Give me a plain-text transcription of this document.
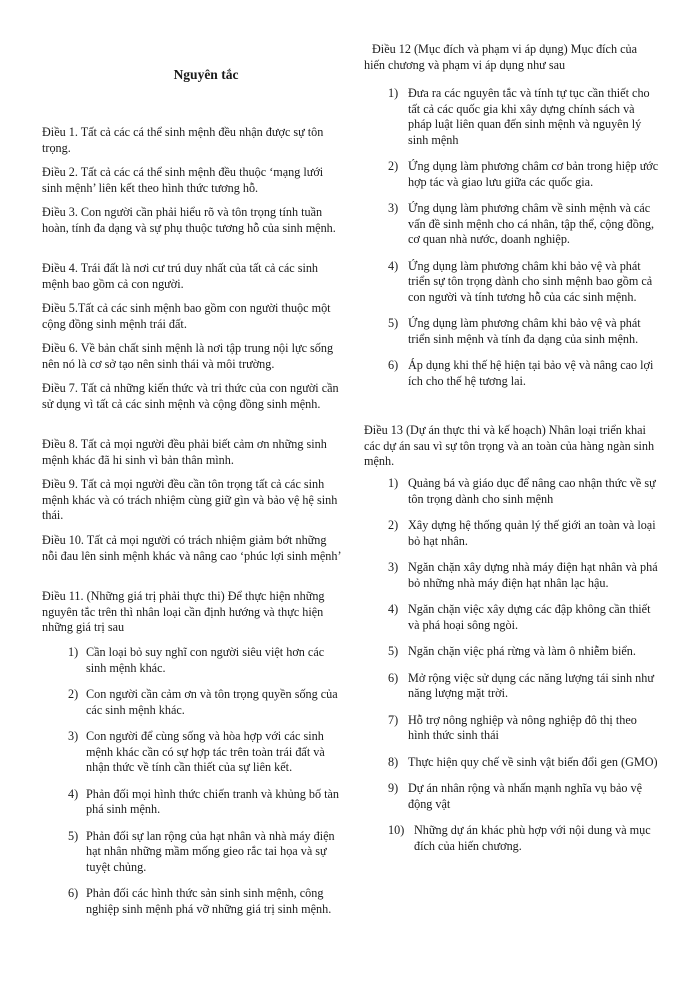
Nguyên tắc

Điều 1. Tất cả các cá thể sinh mệnh đều nhận được sự tôn trọng.

Điều 2. Tất cả các cá thể sinh mệnh đều thuộc ‘mạng lưới sinh mệnh’ liên kết theo hình thức tương hỗ.

Điều 3. Con người cần phải hiểu rõ và tôn trọng tính tuần hoàn, tính đa dạng và sự phụ thuộc tương hỗ của sinh mệnh.

Điều 4. Trái đất là nơi cư trú duy nhất của tất cả các sinh mệnh bao gồm cả con người.

Điều 5.Tất cả các sinh mệnh bao gồm con người thuộc một cộng đồng sinh mệnh trái đất.

Điều 6. Về bản chất sinh mệnh là nơi tập trung nội lực sống nên nó là cơ sở tạo nên sinh thái và môi trường.

Điều 7. Tất cả những kiến thức và tri thức của con người cần sử dụng vì tất cả các sinh mệnh và cộng đồng sinh mệnh.

Điều 8. Tất cả mọi người đều phải biết cảm ơn những sinh mệnh khác đã hi sinh vì bản thân mình.

Điều 9. Tất cả mọi người đều cần tôn trọng tất cả các sinh mệnh khác và có trách nhiệm cùng giữ gìn và bảo vệ hệ sinh thái.

Điều 10. Tất cả mọi người có trách nhiệm giảm bớt những nỗi đau lên sinh mệnh khác và nâng cao ‘phúc lợi sinh mệnh’

Điều 11. (Những giá trị phải thực thi) Để thực hiện những nguyên tắc trên thì nhân loại cần định hướng và thực hiện những giá trị sau

1) Cần loại bỏ suy nghĩ con người siêu việt hơn các sinh mệnh khác.
2) Con người cần cảm ơn và tôn trọng quyền sống của các sinh mệnh khác.
3) Con người để cùng sống và hòa hợp với các sinh mệnh khác cần có sự hợp tác trên toàn trái đất và nhận thức về tính cần thiết của sự liên kết.
4) Phản đối mọi hình thức chiến tranh và khủng bố tàn phá sinh mệnh.
5) Phản đối sự lan rộng của hạt nhân và nhà máy điện hạt nhân những mầm mống gieo rắc tai họa và sự tuyệt chủng.
6) Phản đối các hình thức sản sinh sinh mệnh, công nghiệp sinh mệnh phá vỡ những giá trị sinh mệnh.

Điều 12 (Mục đích và phạm vi áp dụng) Mục đích của hiến chương và phạm vi áp dụng như sau

1) Đưa ra các nguyên tắc và tính tự tục cần thiết cho tất cả các quốc gia khi xây dựng chính sách và pháp luật liên quan đến sinh mệnh và nguyên lý sinh mệnh
2) Ứng dụng làm phương châm cơ bản trong hiệp ước hợp tác và giao lưu giữa các quốc gia.
3) Ứng dụng làm phương châm về sinh mệnh và các vấn đề sinh mệnh cho cá nhân, tập thể, cộng đồng, cơ quan nhà nước, doanh nghiệp.
4) Ứng dụng làm phương châm khi bảo vệ và phát triển sự tôn trọng dành cho sinh mệnh bao gồm cả con người và tính tương hỗ của các sinh mệnh.
5) Ứng dụng làm phương châm khi bảo vệ và phát triển sinh mệnh và tính đa dạng của sinh mệnh.
6) Áp dụng khi thế hệ hiện tại bảo vệ và nâng cao lợi ích cho thế hệ tương lai.

Điều 13 (Dự án thực thi và kế hoạch) Nhân loại triển khai các dự án sau vì sự tôn trọng và an toàn của hàng ngàn sinh mệnh.

1) Quảng bá và giáo dục để nâng cao nhận thức về sự tôn trọng dành cho sinh mệnh
2) Xây dựng hệ thống quản lý thế giới an toàn và loại bỏ hạt nhân.
3) Ngăn chặn xây dựng nhà máy điện hạt nhân và phá bỏ những nhà máy điện hạt nhân lạc hậu.
4) Ngăn chặn việc xây dựng các đập không cần thiết và phá hoại sông ngòi.
5) Ngăn chặn việc phá rừng và làm ô nhiễm biển.
6) Mở rộng việc sử dụng các năng lượng tái sinh như năng lượng mặt trời.
7) Hỗ trợ nông nghiệp và nông nghiệp đô thị theo hình thức sinh thái
8) Thực hiện quy chế về sinh vật biến đổi gen (GMO)
9) Dự án nhân rộng và nhấn mạnh nghĩa vụ bảo vệ động vật
10) Những dự án khác phù hợp với nội dung và mục đích của hiến chương.
